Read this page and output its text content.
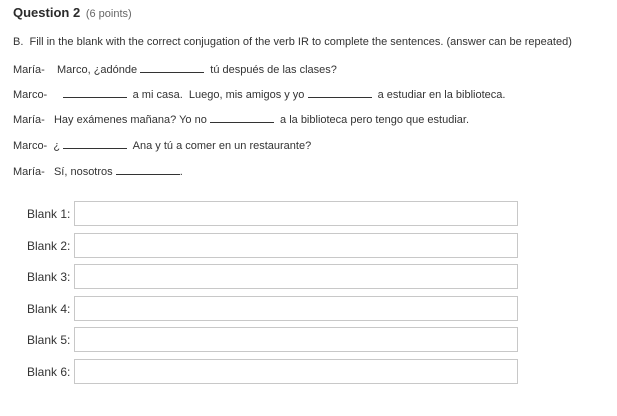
Question 2 (6 points)
B.  Fill in the blank with the correct conjugation of the verb IR to complete the sentences. (answer can be repeated)
María- Marco, ¿adónde	tú después de las clases?
Marco-	a mi casa.  Luego, mis amigos y yo	a estudiar en la biblioteca.
María- Hay exámenes mañana? Yo no	a la biblioteca pero tengo que estudiar.
Marco- ¿	Ana y tú a comer en un restaurante?
María- Sí, nosotros	.
Blank 1:
Blank 2:
Blank 3:
Blank 4:
Blank 5:
Blank 6:
